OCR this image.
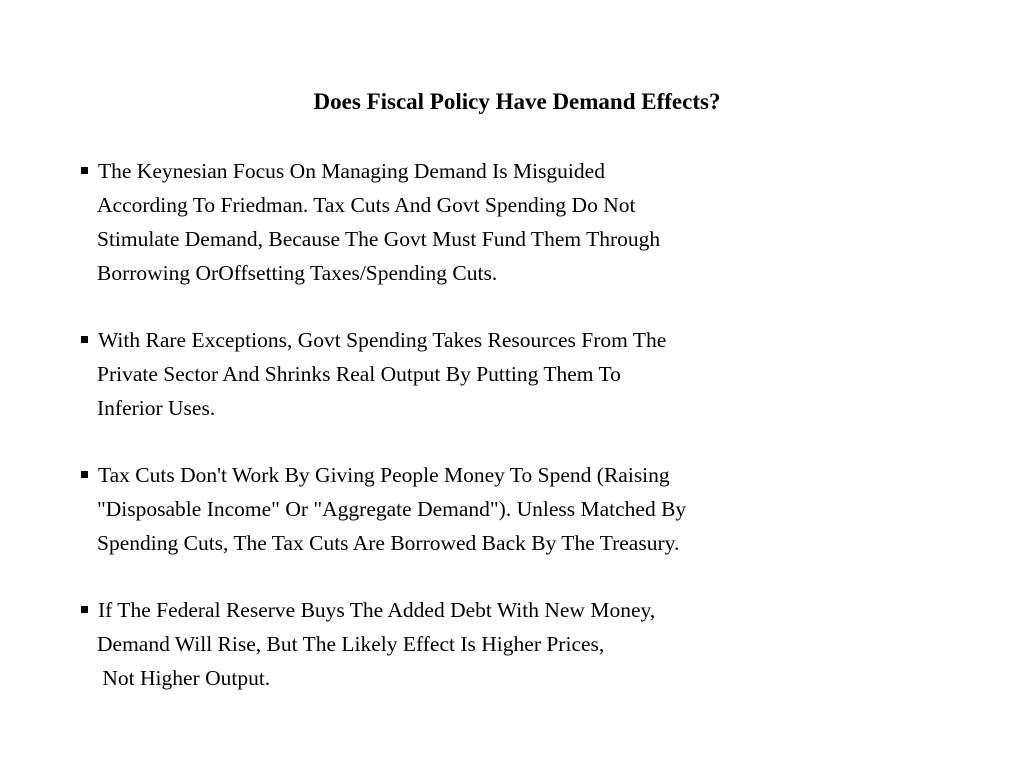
Does Fiscal Policy Have Demand Effects?
The Keynesian Focus On Managing Demand Is Misguided
According To Friedman. Tax Cuts And Govt Spending Do Not
Stimulate Demand, Because The Govt Must Fund Them Through
Borrowing OrOffsetting Taxes/Spending Cuts.
With Rare Exceptions, Govt Spending Takes Resources From The
Private Sector And Shrinks Real Output By Putting Them To
Inferior Uses.
Tax Cuts Don't Work By Giving People Money To Spend (Raising
"Disposable Income" Or "Aggregate Demand"). Unless Matched By
Spending Cuts, The Tax Cuts Are Borrowed Back By The Treasury.
If The Federal Reserve Buys The Added Debt With New Money,
Demand Will Rise, But The Likely Effect Is Higher Prices,
Not Higher Output.
